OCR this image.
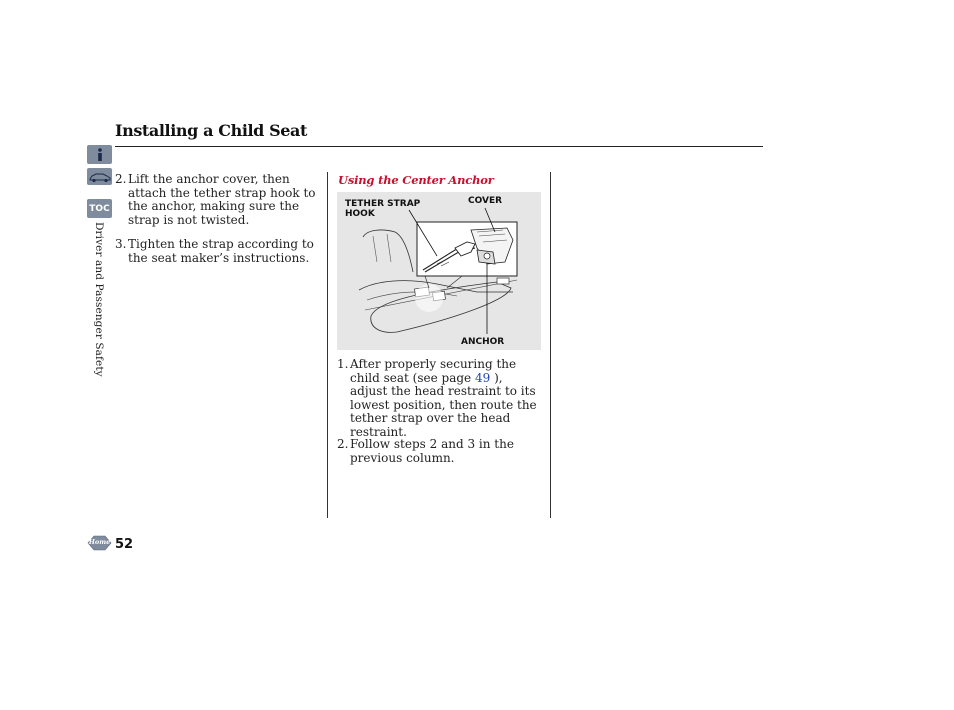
Installing a Child Seat
TOC
Driver and Passenger Safety
2. Lift the anchor cover, then attach the tether strap hook to the anchor, making sure the strap is not twisted.
3. Tighten the strap according to the seat maker’s instructions.
Using the Center Anchor
TETHER STRAP HOOK
COVER
ANCHOR
1. After properly securing the child seat (see page 49 ), adjust the head restraint to its lowest position, then route the tether strap over the head restraint.
2. Follow steps 2 and 3 in the previous column.
Home 52
